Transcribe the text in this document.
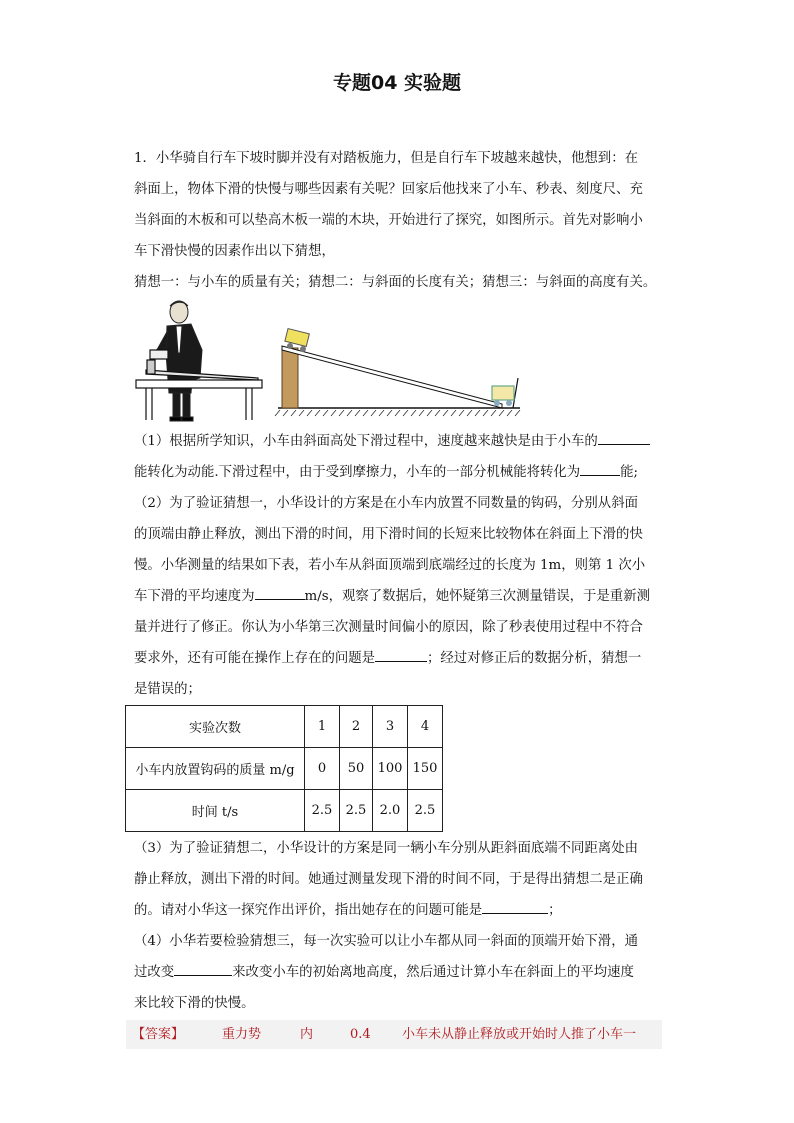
专题04 实验题

1．小华骑自行车下坡时脚并没有对踏板施力，但是自行车下坡越来越快，他想到：在

斜面上，物体下滑的快慢与哪些因素有关呢？回家后他找来了小车、秒表、刻度尺、充

当斜面的木板和可以垫高木板一端的木块，开始进行了探究，如图所示。首先对影响小

车下滑快慢的因素作出以下猜想，

猜想一：与小车的质量有关；猜想二：与斜面的长度有关；猜想三：与斜面的高度有关。

（1）根据所学知识，小车由斜面高处下滑过程中，速度越来越快是由于小车的

能转化为动能.下滑过程中，由于受到摩擦力，小车的一部分机械能将转化为	能;

（2）为了验证猜想一，小华设计的方案是在小车内放置不同数量的钩码，分别从斜面

的顶端由静止释放，测出下滑的时间，用下滑时间的长短来比较物体在斜面上下滑的快

慢。小华测量的结果如下表，若小车从斜面顶端到底端经过的长度为 1m，则第 1 次小

车下滑的平均速度为	m/s，观察了数据后，她怀疑第三次测量错误，于是重新测

量并进行了修正。你认为小华第三次测量时间偏小的原因，除了秒表使用过程中不符合

要求外，还有可能在操作上存在的问题是	；经过对修正后的数据分析，猜想一

是错误的；

实验次数	1	2	3	4
小车内放置钩码的质量 m/g	0	50	100	150
时间 t/s	2.5	2.5	2.0	2.5

（3）为了验证猜想二，小华设计的方案是同一辆小车分别从距斜面底端不同距离处由

静止释放，测出下滑的时间。她通过测量发现下滑的时间不同，于是得出猜想二是正确

的。请对小华这一探究作出评价，指出她存在的问题可能是	；

（4）小华若要检验猜想三，每一次实验可以让小车都从同一斜面的顶端开始下滑，通

过改变	来改变小车的初始离地高度，然后通过计算小车在斜面上的平均速度

来比较下滑的快慢。

【答案】	重力势	内	0.4 小车未从静止释放或开始时人推了小车一
